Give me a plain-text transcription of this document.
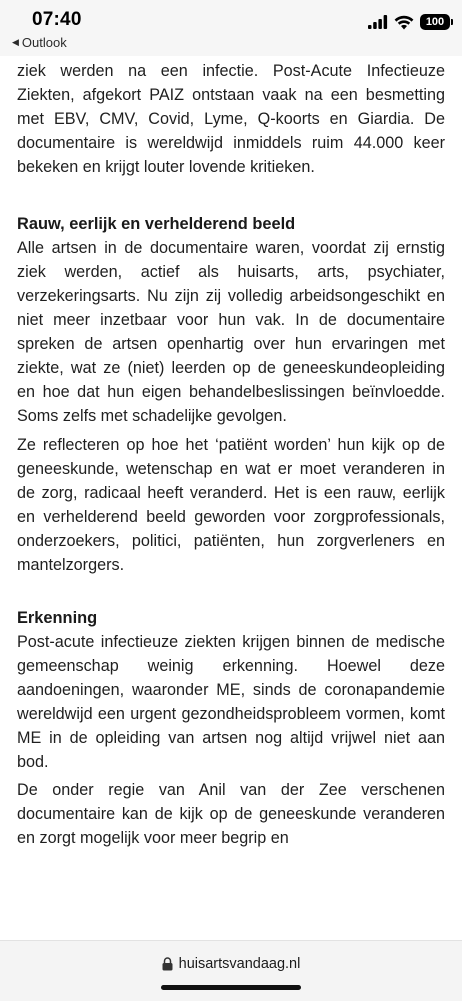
07:40
◀ Outlook
100

ziek werden na een infectie. Post-Acute Infectieuze Ziekten, afgekort PAIZ ontstaan vaak na een besmetting met EBV, CMV, Covid, Lyme, Q-koorts en Giardia. De documentaire is wereldwijd inmiddels ruim 44.000 keer bekeken en krijgt louter lovende kritieken.

Rauw, eerlijk en verhelderend beeld

Alle artsen in de documentaire waren, voordat zij ernstig ziek werden, actief als huisarts, arts, psychiater, verzekeringsarts. Nu zijn zij volledig arbeidsongeschikt en niet meer inzetbaar voor hun vak. In de documentaire spreken de artsen openhartig over hun ervaringen met ziekte, wat ze (niet) leerden op de geneeskundeopleiding en hoe dat hun eigen behandelbeslissingen beïnvloedde. Soms zelfs met schadelijke gevolgen.

Ze reflecteren op hoe het ‘patiënt worden’ hun kijk op de geneeskunde, wetenschap en wat er moet veranderen in de zorg, radicaal heeft veranderd. Het is een rauw, eerlijk en verhelderend beeld geworden voor zorgprofessionals, onderzoekers, politici, patiënten, hun zorgverleners en mantelzorgers.

Erkenning

Post-acute infectieuze ziekten krijgen binnen de medische gemeenschap weinig erkenning. Hoewel deze aandoeningen, waaronder ME, sinds de coronapandemie wereldwijd een urgent gezondheidsprobleem vormen, komt ME in de opleiding van artsen nog altijd vrijwel niet aan bod.

De onder regie van Anil van der Zee verschenen documentaire kan de kijk op de geneeskunde veranderen en zorgt mogelijk voor meer begrip en

huisartsvandaag.nl
